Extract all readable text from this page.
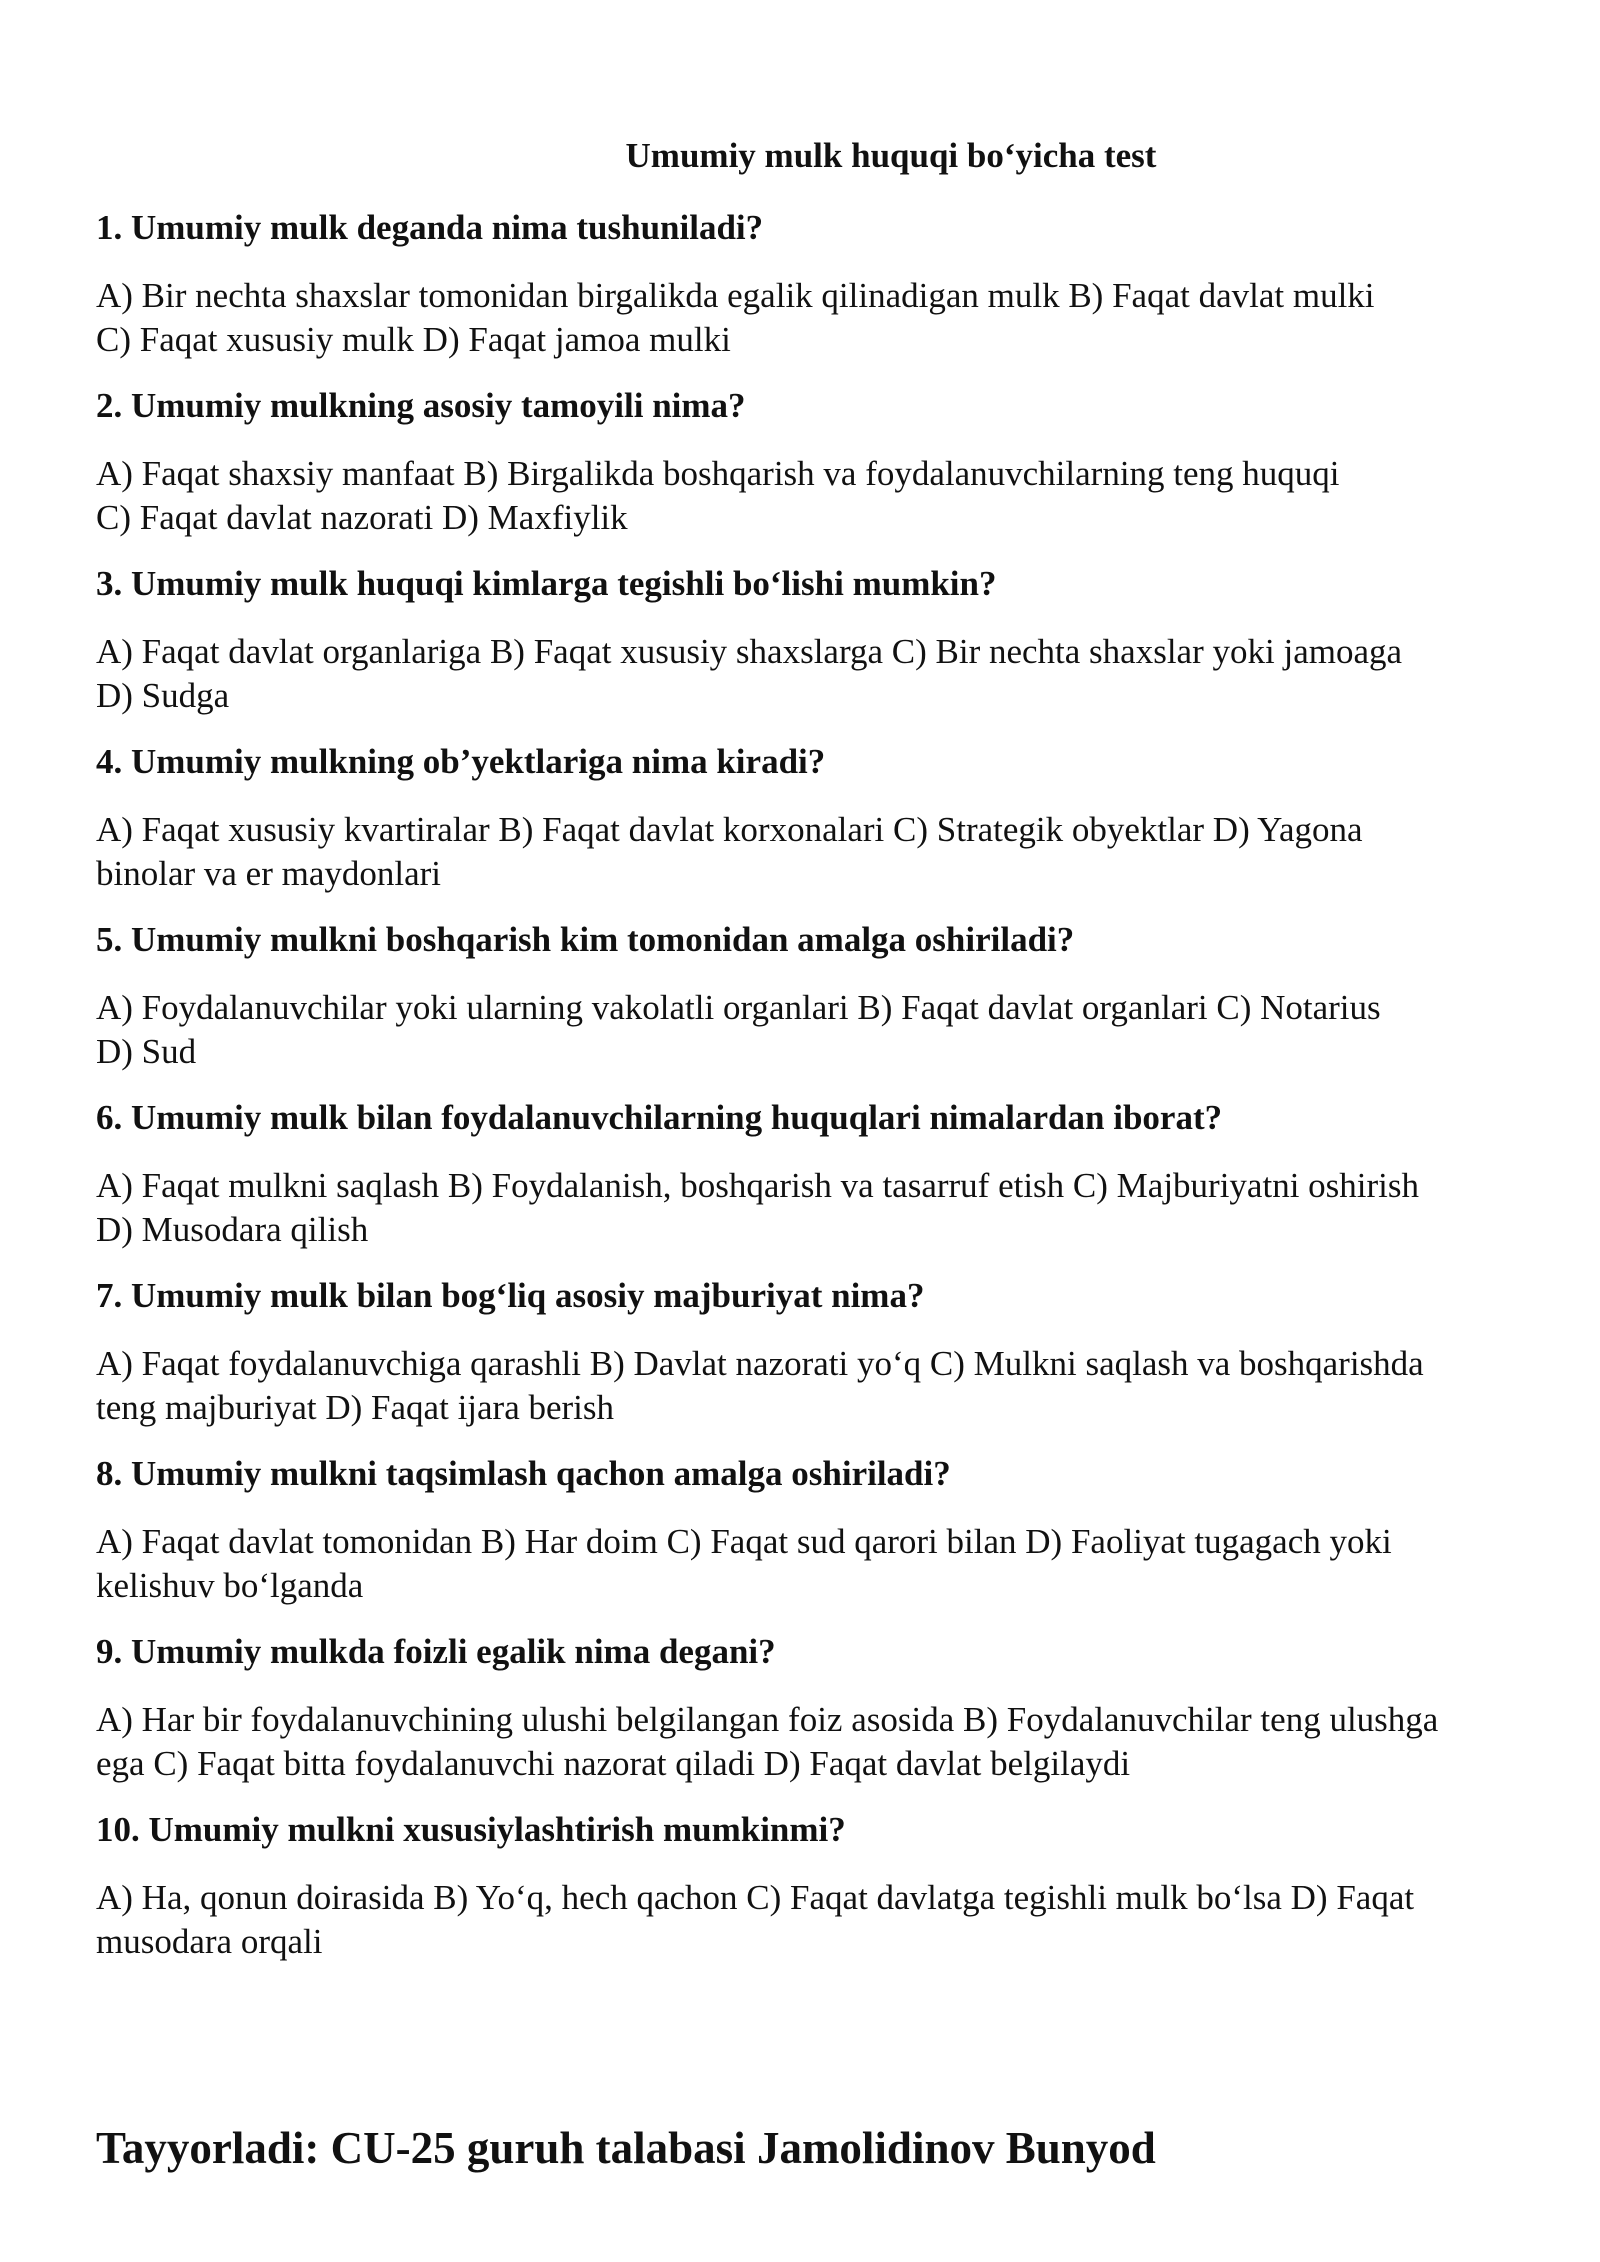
Umumiy mulk huquqi bo‘yicha test
1. Umumiy mulk deganda nima tushuniladi?
A) Bir nechta shaxslar tomonidan birgalikda egalik qilinadigan mulk B) Faqat davlat mulki
C) Faqat xususiy mulk D) Faqat jamoa mulki
2. Umumiy mulkning asosiy tamoyili nima?
A) Faqat shaxsiy manfaat B) Birgalikda boshqarish va foydalanuvchilarning teng huquqi
C) Faqat davlat nazorati D) Maxfiylik
3. Umumiy mulk huquqi kimlarga tegishli bo‘lishi mumkin?
A) Faqat davlat organlariga B) Faqat xususiy shaxslarga C) Bir nechta shaxslar yoki jamoaga
D) Sudga
4. Umumiy mulkning ob’yektlariga nima kiradi?
A) Faqat xususiy kvartiralar B) Faqat davlat korxonalari C) Strategik obyektlar D) Yagona
binolar va er maydonlari
5. Umumiy mulkni boshqarish kim tomonidan amalga oshiriladi?
A) Foydalanuvchilar yoki ularning vakolatli organlari B) Faqat davlat organlari C) Notarius
D) Sud
6. Umumiy mulk bilan foydalanuvchilarning huquqlari nimalardan iborat?
A) Faqat mulkni saqlash B) Foydalanish, boshqarish va tasarruf etish C) Majburiyatni oshirish
D) Musodara qilish
7. Umumiy mulk bilan bog‘liq asosiy majburiyat nima?
A) Faqat foydalanuvchiga qarashli B) Davlat nazorati yo‘q C) Mulkni saqlash va boshqarishda
teng majburiyat D) Faqat ijara berish
8. Umumiy mulkni taqsimlash qachon amalga oshiriladi?
A) Faqat davlat tomonidan B) Har doim C) Faqat sud qarori bilan D) Faoliyat tugagach yoki
kelishuv bo‘lganda
9. Umumiy mulkda foizli egalik nima degani?
A) Har bir foydalanuvchining ulushi belgilangan foiz asosida B) Foydalanuvchilar teng ulushga
ega C) Faqat bitta foydalanuvchi nazorat qiladi D) Faqat davlat belgilaydi
10. Umumiy mulkni xususiylashtirish mumkinmi?
A) Ha, qonun doirasida B) Yo‘q, hech qachon C) Faqat davlatga tegishli mulk bo‘lsa D) Faqat
musodara orqali
Tayyorladi: CU-25 guruh talabasi Jamolidinov Bunyod
